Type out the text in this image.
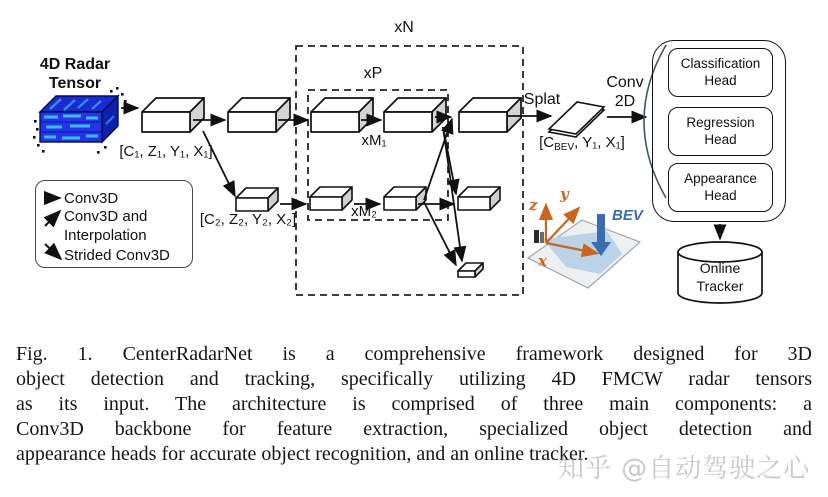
4D Radar Tensor
[C₁, Z₁, Y₁, X₁]
[C₂, Z₂, Y₂, X₂]
xN
xP
xM₁
xM₂
Splat
Conv
2D
[$C_{BEV}$, Y₁, X₁]
Conv3D
Conv3D and Interpolation
Strided Conv3D
Classification Head
Regression Head
Appearance Head
Online Tracker
z
y
x
BEV
Fig. 1. CenterRadarNet is a comprehensive framework designed for 3D
object detection and tracking, specifically utilizing 4D FMCW radar tensors
as its input. The architecture is comprised of three main components: a
Conv3D backbone for feature extraction, specialized object detection and
appearance heads for accurate object recognition, and an online tracker.
知乎 @自动驾驶之心
